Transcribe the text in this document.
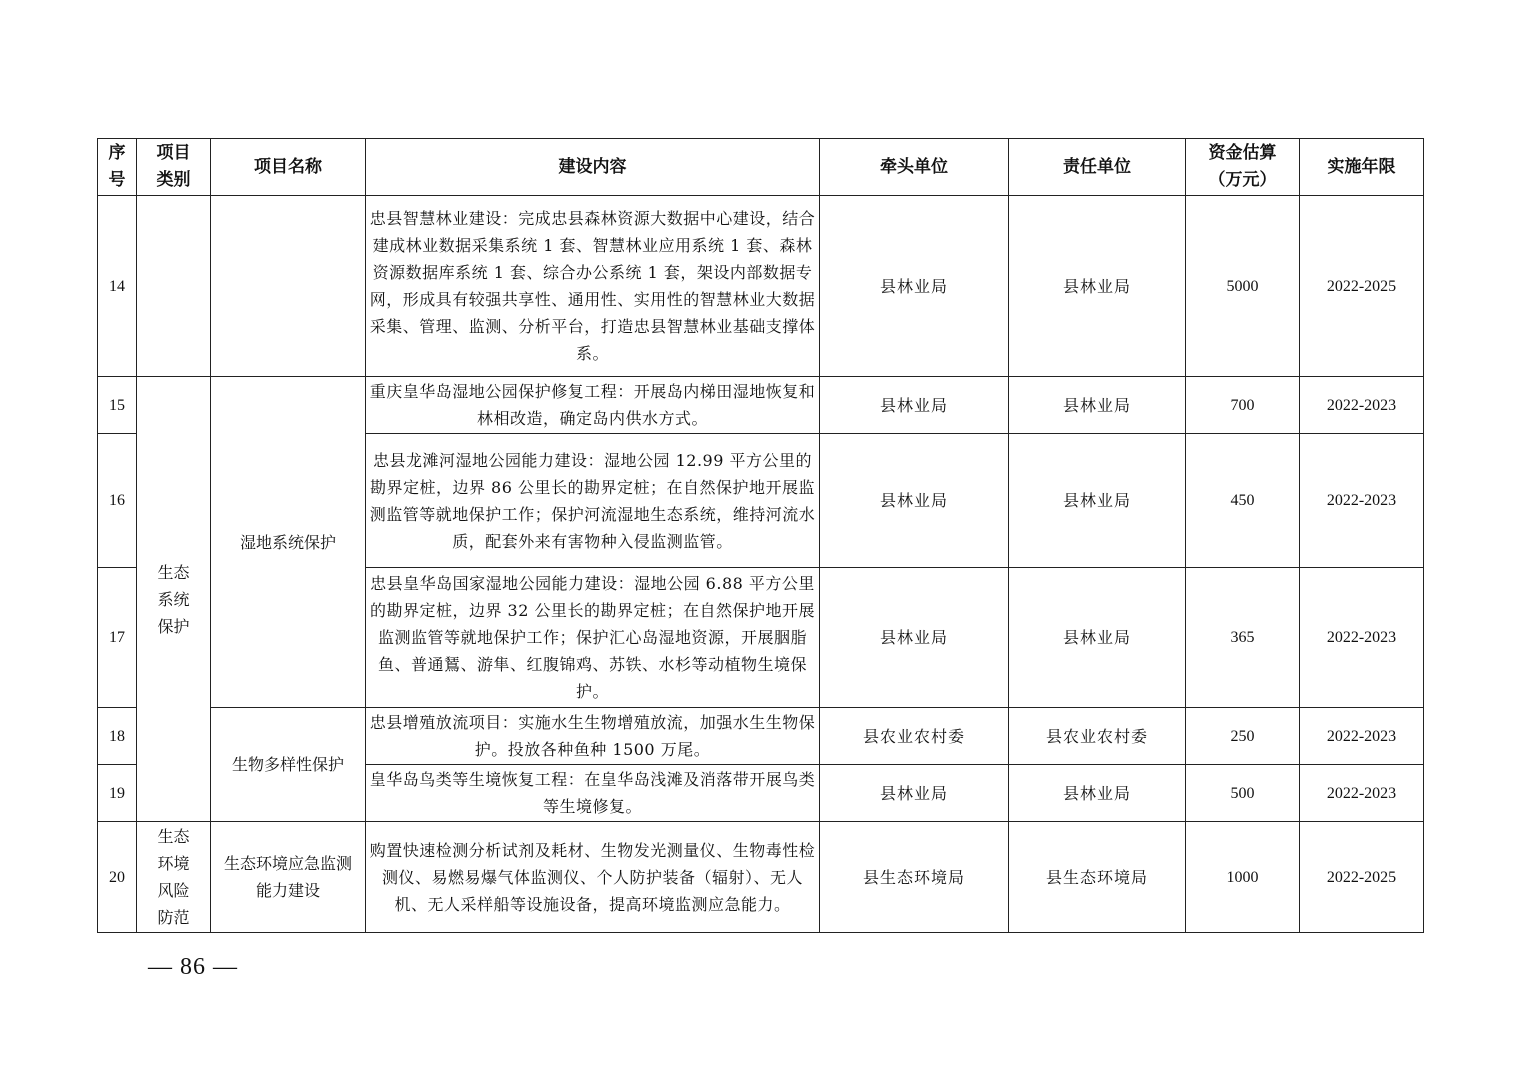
序号	项目类别	项目名称	建设内容	牵头单位	责任单位	资金估算（万元）	实施年限
14			忠县智慧林业建设：完成忠县森林资源大数据中心建设，结合建成林业数据采集系统 1 套、智慧林业应用系统 1 套、森林资源数据库系统 1 套、综合办公系统 1 套，架设内部数据专网，形成具有较强共享性、通用性、实用性的智慧林业大数据采集、管理、监测、分析平台，打造忠县智慧林业基础支撑体系。	县林业局	县林业局	5000	2022-2025
15	生态系统保护	湿地系统保护	重庆皇华岛湿地公园保护修复工程：开展岛内梯田湿地恢复和林相改造，确定岛内供水方式。	县林业局	县林业局	700	2022-2023
16			忠县龙滩河湿地公园能力建设：湿地公园 12.99 平方公里的勘界定桩，边界 86 公里长的勘界定桩；在自然保护地开展监测监管等就地保护工作；保护河流湿地生态系统，维持河流水质，配套外来有害物种入侵监测监管。	县林业局	县林业局	450	2022-2023
17			忠县皇华岛国家湿地公园能力建设：湿地公园 6.88 平方公里的勘界定桩，边界 32 公里长的勘界定桩；在自然保护地开展监测监管等就地保护工作；保护汇心岛湿地资源，开展胭脂鱼、普通鵟、游隼、红腹锦鸡、苏铁、水杉等动植物生境保护。	县林业局	县林业局	365	2022-2023
18		生物多样性保护	忠县增殖放流项目：实施水生生物增殖放流，加强水生生物保护。投放各种鱼种 1500 万尾。	县农业农村委	县农业农村委	250	2022-2023
19			皇华岛鸟类等生境恢复工程：在皇华岛浅滩及消落带开展鸟类等生境修复。	县林业局	县林业局	500	2022-2023
20	生态环境风险防范	生态环境应急监测能力建设	购置快速检测分析试剂及耗材、生物发光测量仪、生物毒性检测仪、易燃易爆气体监测仪、个人防护装备（辐射）、无人机、无人采样船等设施设备，提高环境监测应急能力。	县生态环境局	县生态环境局	1000	2022-2025
— 86 —
